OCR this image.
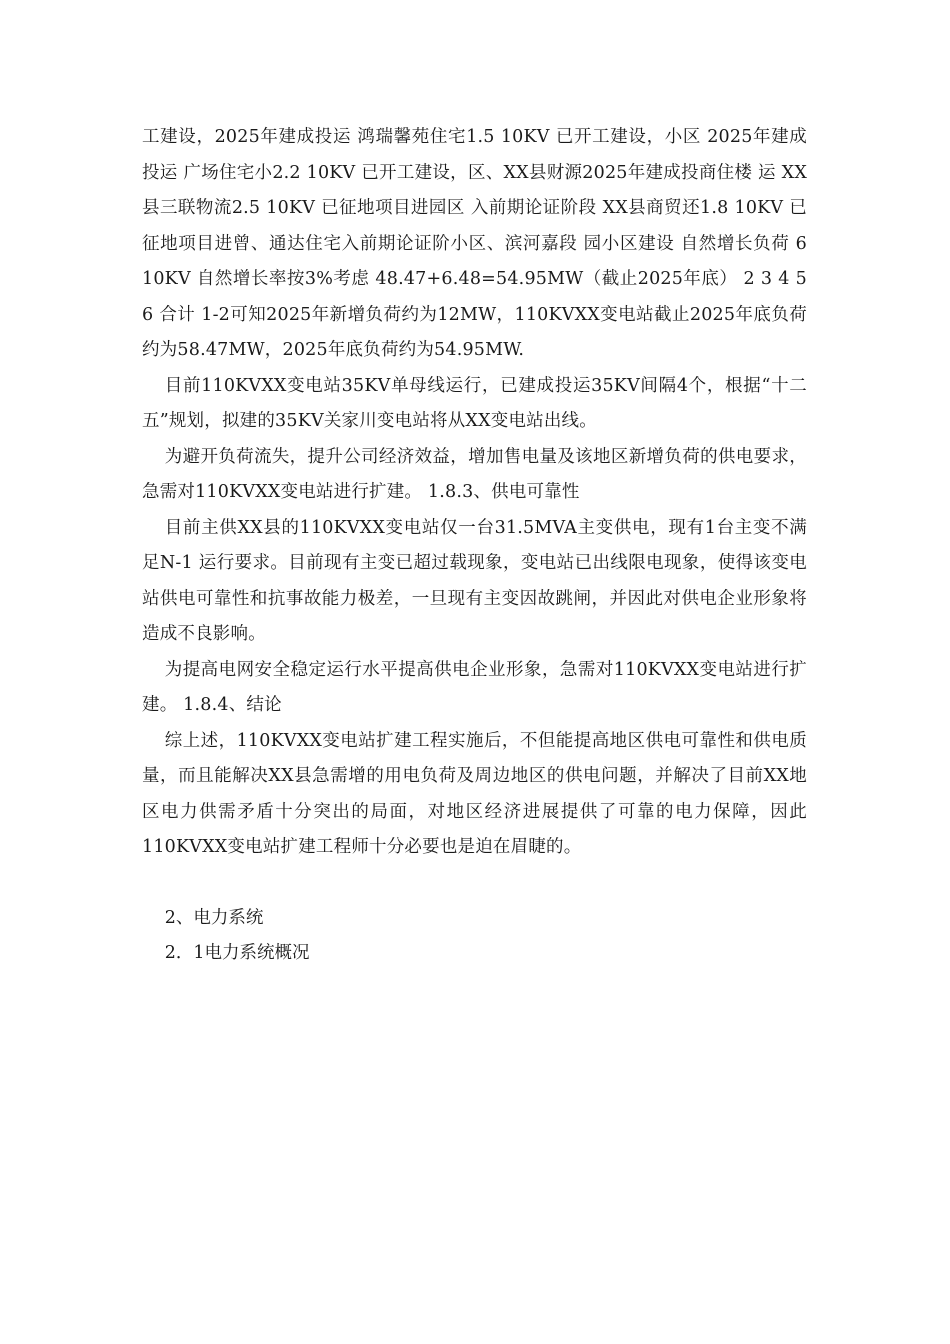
工建设，2025年建成投运 鸿瑞馨苑住宅1.5 10KV 已开工建设，小区 2025年建成投运 广场住宅小2.2 10KV 已开工建设，区、XX县财源2025年建成投商住楼 运 XX县三联物流2.5 10KV 已征地项目进园区 入前期论证阶段 XX县商贸还1.8 10KV 已征地项目进曾、通达住宅入前期论证阶小区、滨河嘉段 园小区建设 自然增长负荷 6 10KV 自然增长率按3%考虑 48.47+6.48=54.95MW（截止2025年底） 2 3 4 5 6 合计 1-2可知2025年新增负荷约为12MW，110KVXX变电站截止2025年底负荷约为58.47MW，2025年底负荷约为54.95MW.

目前110KVXX变电站35KV单母线运行，已建成投运35KV间隔4个，根据“十二五”规划，拟建的35KV关家川变电站将从XX变电站出线。

为避开负荷流失，提升公司经济效益，增加售电量及该地区新增负荷的供电要求，急需对110KVXX变电站进行扩建。 1.8.3、供电可靠性

目前主供XX县的110KVXX变电站仅一台31.5MVA主变供电，现有1台主变不满足N-1 运行要求。目前现有主变已超过载现象，变电站已出线限电现象，使得该变电站供电可靠性和抗事故能力极差，一旦现有主变因故跳闸，并因此对供电企业形象将造成不良影响。

为提高电网安全稳定运行水平提高供电企业形象，急需对110KVXX变电站进行扩建。 1.8.4、结论

综上述，110KVXX变电站扩建工程实施后，不但能提高地区供电可靠性和供电质量，而且能解决XX县急需增的用电负荷及周边地区的供电问题，并解决了目前XX地区电力供需矛盾十分突出的局面，对地区经济进展提供了可靠的电力保障，因此110KVXX变电站扩建工程师十分必要也是迫在眉睫的。

2、电力系统

2．1电力系统概况
